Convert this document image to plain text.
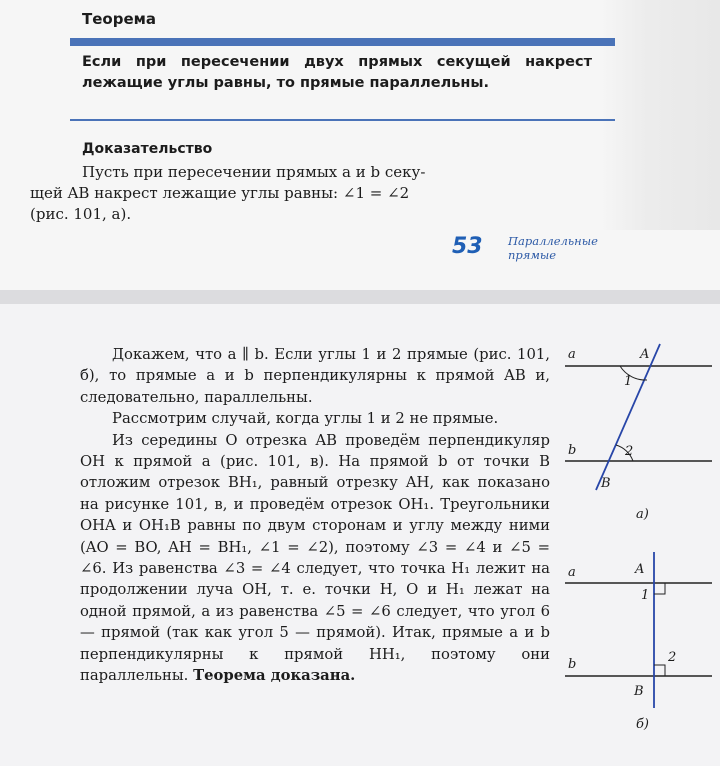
Теорема
Если при пересечении двух прямых секущей накрест лежащие углы равны, то прямые параллельны.
Доказательство
Пусть при пересечении прямых a и b секу-
щей AB накрест лежащие углы равны: ∠1 = ∠2
(рис. 101, а).
53 Параллельные
прямые

Докажем, что a ∥ b. Если углы 1 и 2 прямые (рис. 101, б), то прямые a и b перпендикулярны к прямой AB и, следовательно, параллельны.

Рассмотрим случай, когда углы 1 и 2 не прямые.

Из середины O отрезка AB проведём перпендикуляр OH к прямой a (рис. 101, в). На прямой b от точки B отложим отрезок BH₁, равный отрезку AH, как показано на рисунке 101, в, и проведём отрезок OH₁. Треугольники OHA и OH₁B равны по двум сторонам и углу между ними (AO = BO, AH = BH₁, ∠1 = ∠2), поэтому ∠3 = ∠4 и ∠5 = ∠6. Из равенства ∠3 = ∠4 следует, что точка H₁ лежит на продолжении луча OH, т. е. точки H, O и H₁ лежат на одной прямой, а из равенства ∠5 = ∠6 следует, что угол 6 — прямой (так как угол 5 — прямой). Итак, прямые a и b перпендикулярны к прямой HH₁, поэтому они параллельны. Теорема доказана.

a
b
A
B
1
2
а)
a
b
A
B
1
2
б)
